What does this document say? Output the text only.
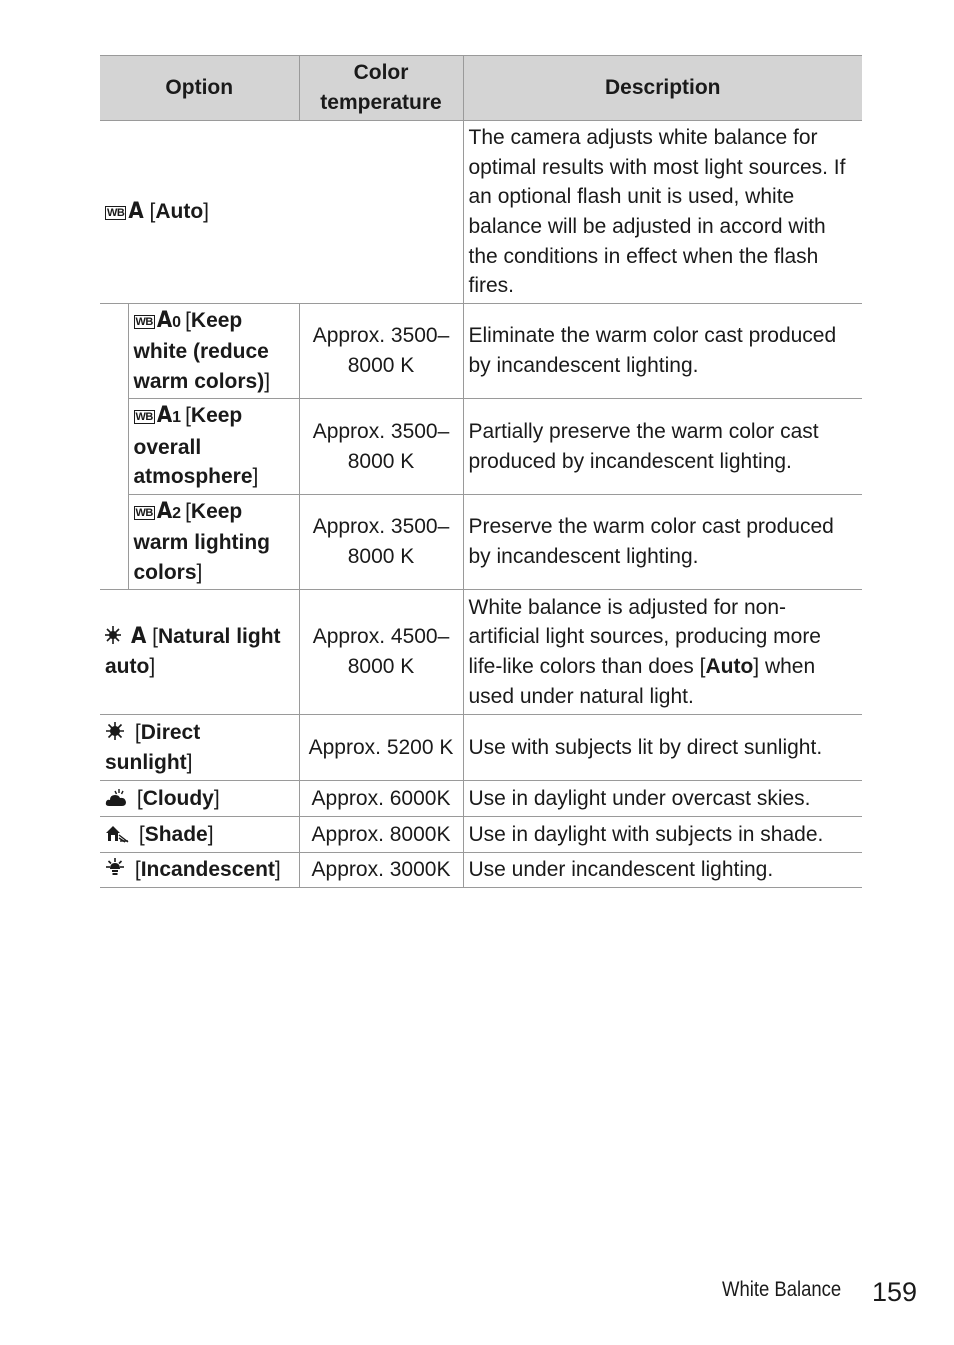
Option		Color temperature	Description
WB A [Auto]			The camera adjusts white balance for optimal results with most light sources. If an optional flash unit is used, white balance will be adjusted in accord with the conditions in effect when the flash fires.
	WB A0 [Keep white (reduce warm colors)]	Approx. 3500–8000 K	Eliminate the warm color cast produced by incandescent lighting.
	WB A1 [Keep overall atmosphere]	Approx. 3500–8000 K	Partially preserve the warm color cast produced by incandescent lighting.
	WB A2 [Keep warm lighting colors]	Approx. 3500–8000 K	Preserve the warm color cast produced by incandescent lighting.

A [Natural light auto]		Approx. 4500–8000 K	White balance is adjusted for non-artificial light sources, producing more life-like colors than does [Auto] when used under natural light.

[Direct sunlight]		Approx. 5200 K	Use with subjects lit by direct sunlight.

[Cloudy]		Approx. 6000K	Use in daylight under overcast skies.

[Shade]		Approx. 8000K	Use in daylight with subjects in shade.

[Incandescent]		Approx. 3000K	Use under incandescent lighting.
White Balance 159
